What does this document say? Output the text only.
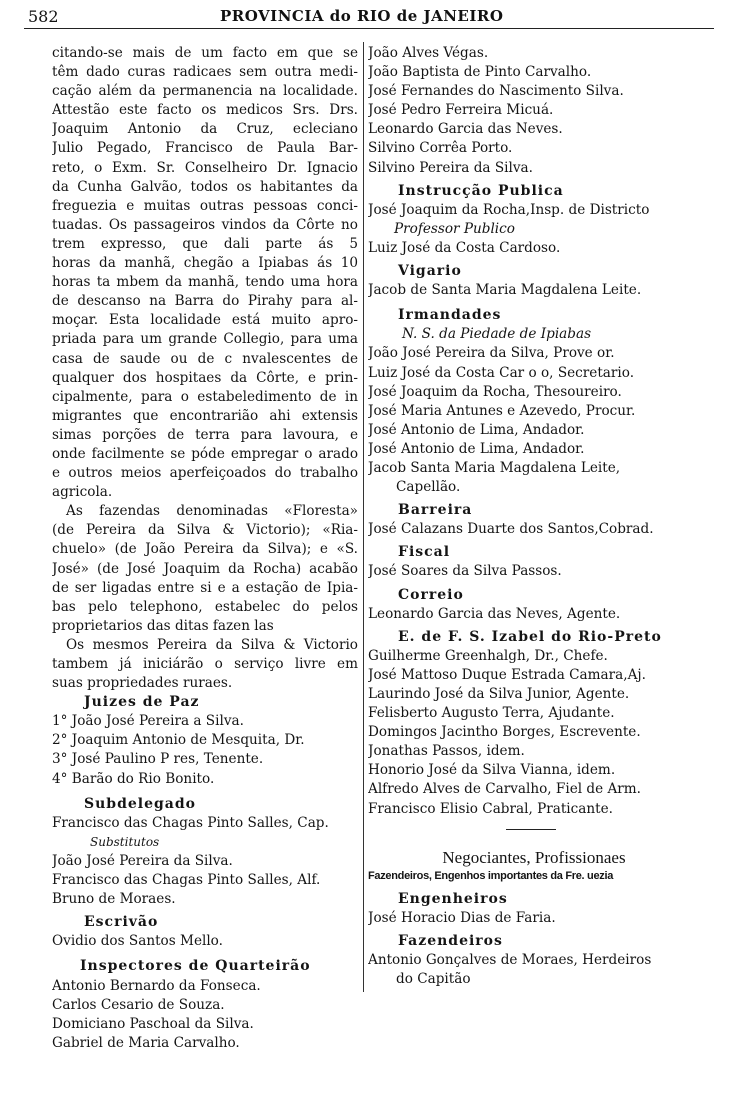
582	PROVINCIA do RIO de JANEIRO
citando-se mais de um facto em que se
têm dado curas radicaes sem outra medi-
cação além da permanencia na localidade.
Attestão este facto os medicos Srs. Drs.
Joaquim Antonio da Cruz, ecleciano
Julio Pegado, Francisco de Paula Bar-
reto, o Exm. Sr. Conselheiro Dr. Ignacio
da Cunha Galvão, todos os habitantes da
freguezia e muitas outras pessoas conci-
tuadas. Os passageiros vindos da Côrte no
trem expresso, que dali parte ás 5
horas da manhã, chegão a Ipiabas ás 10
horas ta mbem da manhã, tendo uma hora
de descanso na Barra do Pirahy para al-
moçar. Esta localidade está muito apro-
priada para um grande Collegio, para uma
casa de saude ou de c nvalescentes de
qualquer dos hospitaes da Côrte, e prin-
cipalmente, para o estabeledimento de in
migrantes que encontrarião ahi extensis
simas porções de terra para lavoura, e
onde facilmente se póde empregar o arado
e outros meios aperfeiçoados do trabalho
agricola.
As fazendas denominadas «Floresta»
(de Pereira da Silva & Victorio); «Ria-
chuelo» (de João Pereira da Silva); e «S.
José» (de José Joaquim da Rocha) acabão
de ser ligadas entre si e a estação de Ipia-
bas pelo telephono, estabelec do pelos
proprietarios das ditas fazen las
Os mesmos Pereira da Silva & Victorio
tambem já iniciárão o serviço livre em
suas propriedades ruraes.
Juizes de Paz
1° João José Pereira a Silva.
2° Joaquim Antonio de Mesquita, Dr.
3° José Paulino P res, Tenente.
4° Barão do Rio Bonito.
Subdelegado
Francisco das Chagas Pinto Salles, Cap.
Substitutos
João José Pereira da Silva.
Francisco das Chagas Pinto Salles, Alf.
Bruno de Moraes.
Escrivão
Ovidio dos Santos Mello.
Inspectores de Quarteirão
Antonio Bernardo da Fonseca.
Carlos Cesario de Souza.
Domiciano Paschoal da Silva.
Gabriel de Maria Carvalho.
João Alves Végas.
João Baptista de Pinto Carvalho.
José Fernandes do Nascimento Silva.
José Pedro Ferreira Micuá.
Leonardo Garcia das Neves.
Silvino Corrêa Porto.
Silvino Pereira da Silva.
Instrucção Publica
José Joaquim da Rocha,Insp. de Districto
Professor Publico
Luiz José da Costa Cardoso.
Vigario
Jacob de Santa Maria Magdalena Leite.
Irmandades
N. S. da Piedade de Ipiabas
João José Pereira da Silva, Prove or.
Luiz José da Costa Car o o, Secretario.
José Joaquim da Rocha, Thesoureiro.
José Maria Antunes e Azevedo, Procur.
José Antonio de Lima, Andador.
José Antonio de Lima, Andador.
Jacob Santa Maria Magdalena Leite,
Capellão.
Barreira
José Calazans Duarte dos Santos,Cobrad.
Fiscal
José Soares da Silva Passos.
Correio
Leonardo Garcia das Neves, Agente.
E. de F. S. Izabel do Rio-Preto
Guilherme Greenhalgh, Dr., Chefe.
José Mattoso Duque Estrada Camara,Aj.
Laurindo José da Silva Junior, Agente.
Felisberto Augusto Terra, Ajudante.
Domingos Jacintho Borges, Escrevente.
Jonathas Passos, idem.
Honorio José da Silva Vianna, idem.
Alfredo Alves de Carvalho, Fiel de Arm.
Francisco Elisio Cabral, Praticante.
Negociantes, Profissionaes
Fazendeiros, Engenhos importantes da Fre. uezia
Engenheiros
José Horacio Dias de Faria.
Fazendeiros
Antonio Gonçalves de Moraes, Herdeiros
do Capitão
